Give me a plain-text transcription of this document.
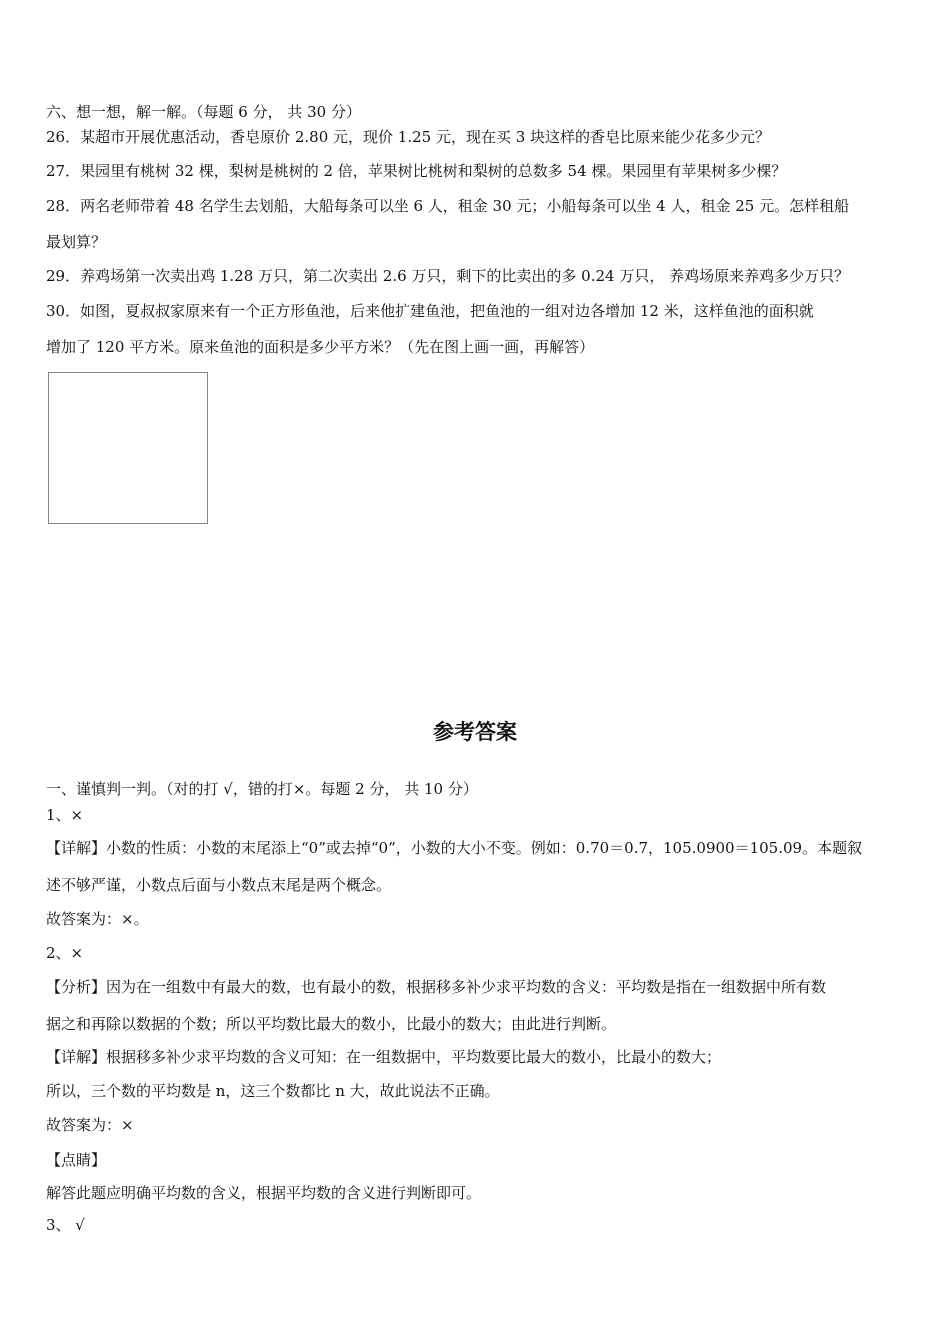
六、想一想，解一解。（每题 6 分， 共 30 分）
26．某超市开展优惠活动，香皂原价 2.80 元，现价 1.25 元，现在买 3 块这样的香皂比原来能少花多少元？
27．果园里有桃树 32 棵，梨树是桃树的 2 倍，苹果树比桃树和梨树的总数多 54 棵。果园里有苹果树多少棵？
28．两名老师带着 48 名学生去划船，大船每条可以坐 6 人，租金 30 元；小船每条可以坐 4 人，租金 25 元。怎样租船
最划算？
29．养鸡场第一次卖出鸡 1.28 万只，第二次卖出 2.6 万只，剩下的比卖出的多 0.24 万只， 养鸡场原来养鸡多少万只？
30．如图，夏叔叔家原来有一个正方形鱼池，后来他扩建鱼池，把鱼池的一组对边各增加 12 米，这样鱼池的面积就
增加了 120 平方米。原来鱼池的面积是多少平方米？（先在图上画一画，再解答）
参考答案
一、谨慎判一判。（对的打 √，错的打×。每题 2 分， 共 10 分）
1、×
【详解】小数的性质：小数的末尾添上“0”或去掉“0”，小数的大小不变。例如：0.70＝0.7，105.0900＝105.09。本题叙
述不够严谨，小数点后面与小数点末尾是两个概念。
故答案为：×。
2、×
【分析】因为在一组数中有最大的数，也有最小的数，根据移多补少求平均数的含义：平均数是指在一组数据中所有数
据之和再除以数据的个数；所以平均数比最大的数小，比最小的数大；由此进行判断。
【详解】根据移多补少求平均数的含义可知：在一组数据中，平均数要比最大的数小，比最小的数大；
所以，三个数的平均数是 n，这三个数都比 n 大，故此说法不正确。
故答案为：×
【点睛】
解答此题应明确平均数的含义，根据平均数的含义进行判断即可。
3、 √
